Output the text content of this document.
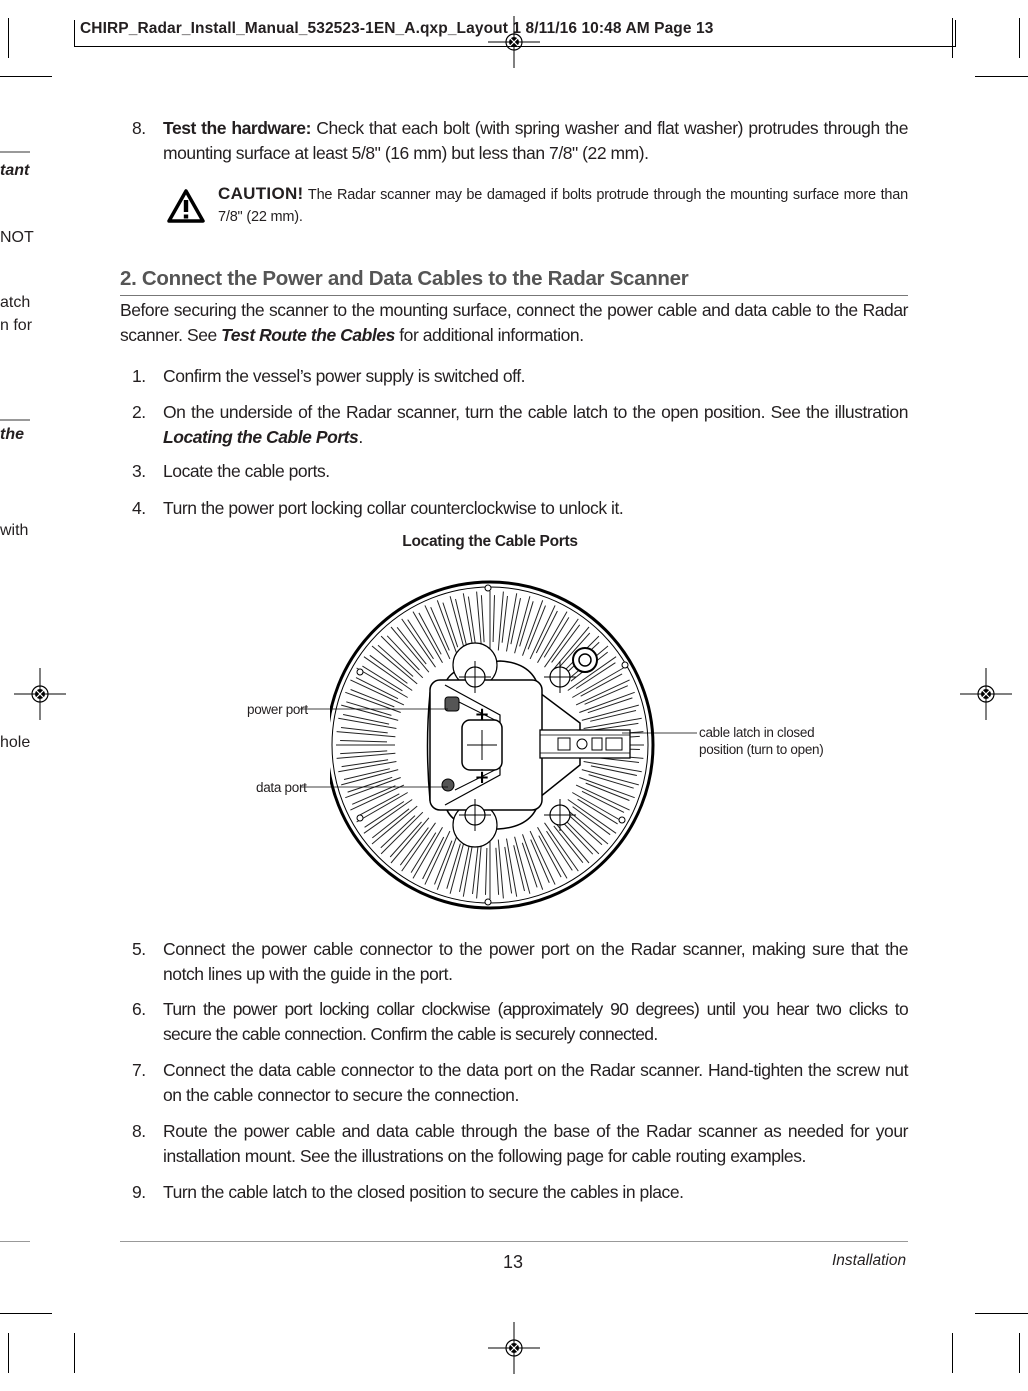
CHIRP_Radar_Install_Manual_532523-1EN_A.qxp_Layout 1 8/11/16 10:48 AM Page 13
tant
NOT
atch
n for
the
with
hole
8. Test the hardware: Check that each bolt (with spring washer and flat washer) protrudes through the mounting surface at least 5/8" (16 mm) but less than 7/8" (22 mm).
CAUTION! The Radar scanner may be damaged if bolts protrude through the mounting surface more than 7/8" (22 mm).
2. Connect the Power and Data Cables to the Radar Scanner
Before securing the scanner to the mounting surface, connect the power cable and data cable to the Radar scanner. See Test Route the Cables for additional information.
1. Confirm the vessel’s power supply is switched off.
2. On the underside of the Radar scanner, turn the cable latch to the open position. See the illustration Locating the Cable Ports.
3. Locate the cable ports.
4. Turn the power port locking collar counterclockwise to unlock it.
Locating the Cable Ports
+
+
power port
data port
cable latch in closed
position (turn to open)
5. Connect the power cable connector to the power port on the Radar scanner, making sure that the notch lines up with the guide in the port.
6. Turn the power port locking collar clockwise (approximately 90 degrees) until you hear two clicks to secure the cable connection. Confirm the cable is securely connected.
7. Connect the data cable connector to the data port on the Radar scanner. Hand-tighten the screw nut on the cable connector to secure the connection.
8. Route the power cable and data cable through the base of the Radar scanner as needed for your installation mount. See the illustrations on the following page for cable routing examples.
9. Turn the cable latch to the closed position to secure the cables in place.
13	Installation
